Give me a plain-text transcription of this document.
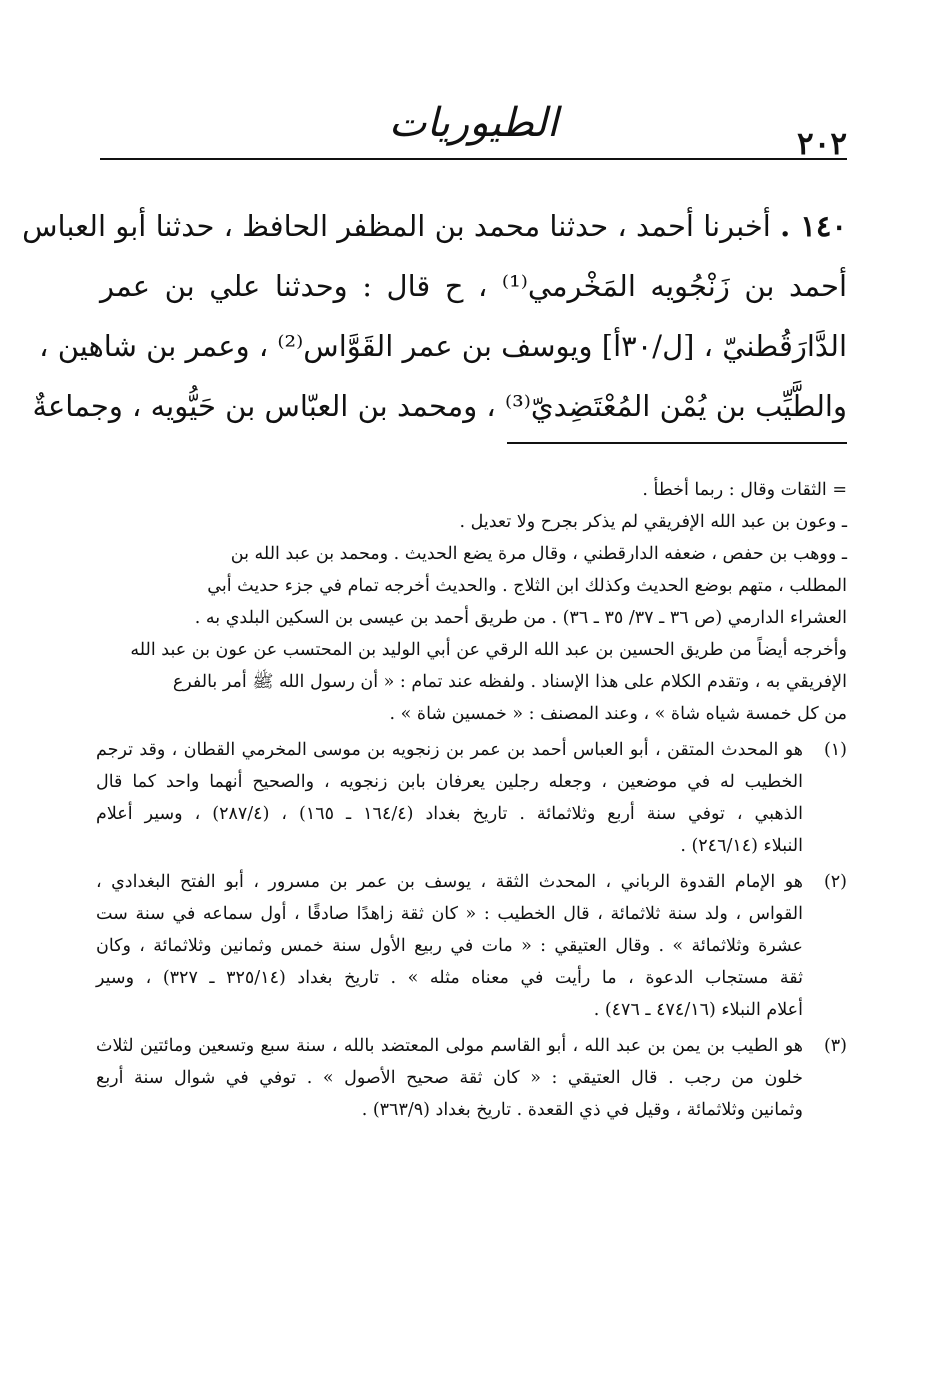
٢٠٢
الطيوريات
١٤٠ . أخبرنا أحمد ، حدثنا محمد بن المظفر الحافظ ، حدثنا أبو العباس
أحمد بن زَنْجُويه المَخْرمي⁽¹⁾ ، ح قال : وحدثنا علي بن عمر
الدَّارَقُطنيّ ، [ل/٣٠أ] ويوسف بن عمر القَوَّاس⁽²⁾ ، وعمر بن شاهين ،
والطَّيِّب بن يُمْن المُعْتَضِديّ⁽³⁾ ، ومحمد بن العبّاس بن حَيُّويه ، وجماعةٌ
= الثقات وقال : ربما أخطأ .
ـ وعون بن عبد الله الإفريقي لم يذكر بجرح ولا تعديل .
ـ ووهب بن حفص ، ضعفه الدارقطني ، وقال مرة يضع الحديث . ومحمد بن عبد الله بن
المطلب ، متهم بوضع الحديث وكذلك ابن الثلاج . والحديث أخرجه تمام في جزء حديث أبي
العشراء الدارمي (ص ٣٦ ـ ٣٧/ ٣٥ ـ ٣٦) . من طريق أحمد بن عيسى بن السكين البلدي به .
وأخرجه أيضاً من طريق الحسين بن عبد الله الرقي عن أبي الوليد بن المحتسب عن عون بن عبد الله
الإفريقي به ، وتقدم الكلام على هذا الإسناد . ولفظه عند تمام : « أن رسول الله ﷺ أمر بالفرع
من كل خمسة شياه شاة » ، وعند المصنف : « خمسين شاة » .
(١)
هو المحدث المتقن ، أبو العباس أحمد بن عمر بن زنجويه بن موسى المخرمي القطان ، وقد ترجم
الخطيب له في موضعين ، وجعله رجلين يعرفان بابن زنجويه ، والصحيح أنهما واحد كما قال
الذهبي ، توفي سنة أربع وثلاثمائة . تاريخ بغداد (١٦٤/٤ ـ ١٦٥) ، (٢٨٧/٤) ، وسير أعلام
النبلاء (٢٤٦/١٤) .
(٢)
هو الإمام القدوة الرباني ، المحدث الثقة ، يوسف بن عمر بن مسرور ، أبو الفتح البغدادي ،
القواس ، ولد سنة ثلاثمائة ، قال الخطيب : « كان ثقة زاهدًا صادقًا ، أول سماعه في سنة ست
عشرة وثلاثمائة » . وقال العتيقي : « مات في ربيع الأول سنة خمس وثمانين وثلاثمائة ، وكان
ثقة مستجاب الدعوة ، ما رأيت في معناه مثله » . تاريخ بغداد (٣٢٥/١٤ ـ ٣٢٧) ، وسير
أعلام النبلاء (٤٧٤/١٦ ـ ٤٧٦) .
(٣)
هو الطيب بن يمن بن عبد الله ، أبو القاسم مولى المعتضد بالله ، سنة سبع وتسعين ومائتين لثلاث
خلون من رجب . قال العتيقي : « كان ثقة صحيح الأصول » . توفي في شوال سنة أربع
وثمانين وثلاثمائة ، وقيل في ذي القعدة . تاريخ بغداد (٣٦٣/٩) .
